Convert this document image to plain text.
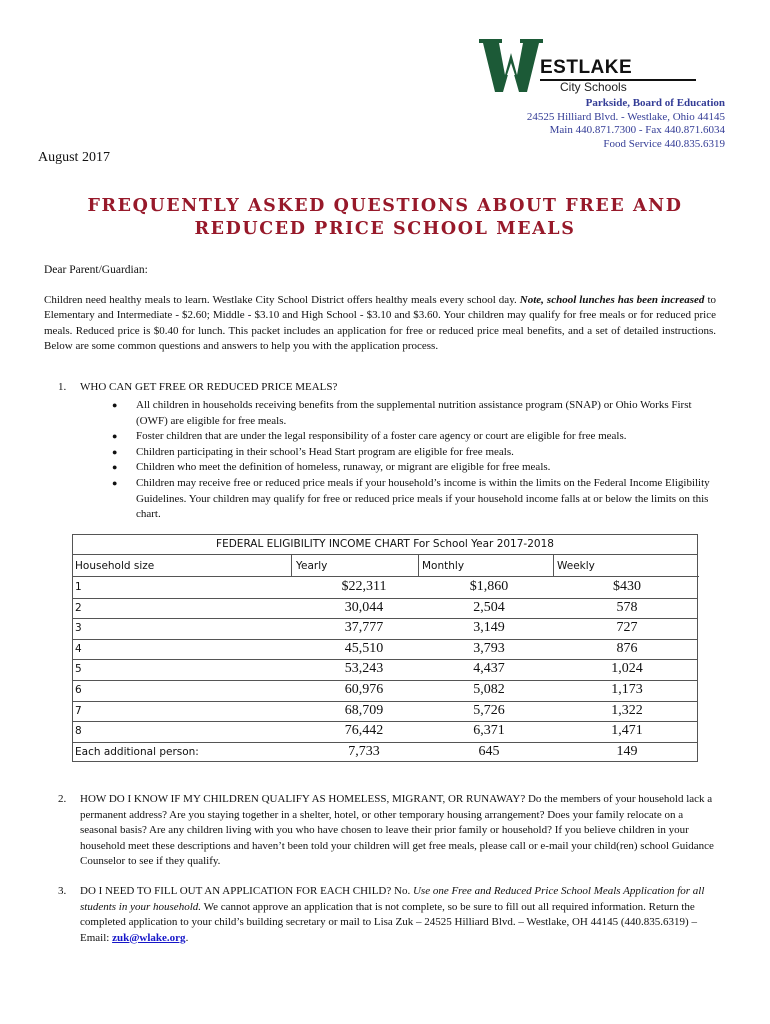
ESTLAKE
City Schools
Parkside, Board of Education
24525 Hilliard Blvd. - Westlake, Ohio 44145
Main 440.871.7300 - Fax 440.871.6034
Food Service 440.835.6319
August 2017
FREQUENTLY ASKED QUESTIONS ABOUT FREE AND
REDUCED PRICE SCHOOL MEALS
Dear Parent/Guardian:

Children need healthy meals to learn. Westlake City School District offers healthy meals every school day. Note, school lunches has been increased to Elementary and Intermediate - $2.60; Middle - $3.10 and High School - $3.10 and $3.60. Your children may qualify for free meals or for reduced price meals. Reduced price is $0.40 for lunch. This packet includes an application for free or reduced price meal benefits, and a set of detailed instructions. Below are some common questions and answers to help you with the application process.

1. WHO CAN GET FREE OR REDUCED PRICE MEALS?
● All children in households receiving benefits from the supplemental nutrition assistance program (SNAP) or Ohio Works First (OWF) are eligible for free meals.
● Foster children that are under the legal responsibility of a foster care agency or court are eligible for free meals.
● Children participating in their school’s Head Start program are eligible for free meals.
● Children who meet the definition of homeless, runaway, or migrant are eligible for free meals.
● Children may receive free or reduced price meals if your household’s income is within the limits on the Federal Income Eligibility Guidelines. Your children may qualify for free or reduced price meals if your household income falls at or below the limits on this chart.
FEDERAL ELIGIBILITY INCOME CHART For School Year 2017-2018
Household size	Yearly	Monthly	Weekly
1	$22,311	$1,860	$430
2	30,044	2,504	578
3	37,777	3,149	727
4	45,510	3,793	876
5	53,243	4,437	1,024
6	60,976	5,082	1,173
7	68,709	5,726	1,322
8	76,442	6,371	1,471
Each additional person:	7,733	645	149
2. HOW DO I KNOW IF MY CHILDREN QUALIFY AS HOMELESS, MIGRANT, OR RUNAWAY? Do the members of your household lack a permanent address? Are you staying together in a shelter, hotel, or other temporary housing arrangement? Does your family relocate on a seasonal basis? Are any children living with you who have chosen to leave their prior family or household? If you believe children in your household meet these descriptions and haven’t been told your children will get free meals, please call or e-mail your child(ren) school Guidance Counselor to see if they qualify.
3. DO I NEED TO FILL OUT AN APPLICATION FOR EACH CHILD? No. Use one Free and Reduced Price School Meals Application for all students in your household. We cannot approve an application that is not complete, so be sure to fill out all required information. Return the completed application to your child’s building secretary or mail to Lisa Zuk – 24525 Hilliard Blvd. – Westlake, OH 44145 (440.835.6319) – Email: zuk@wlake.org.
